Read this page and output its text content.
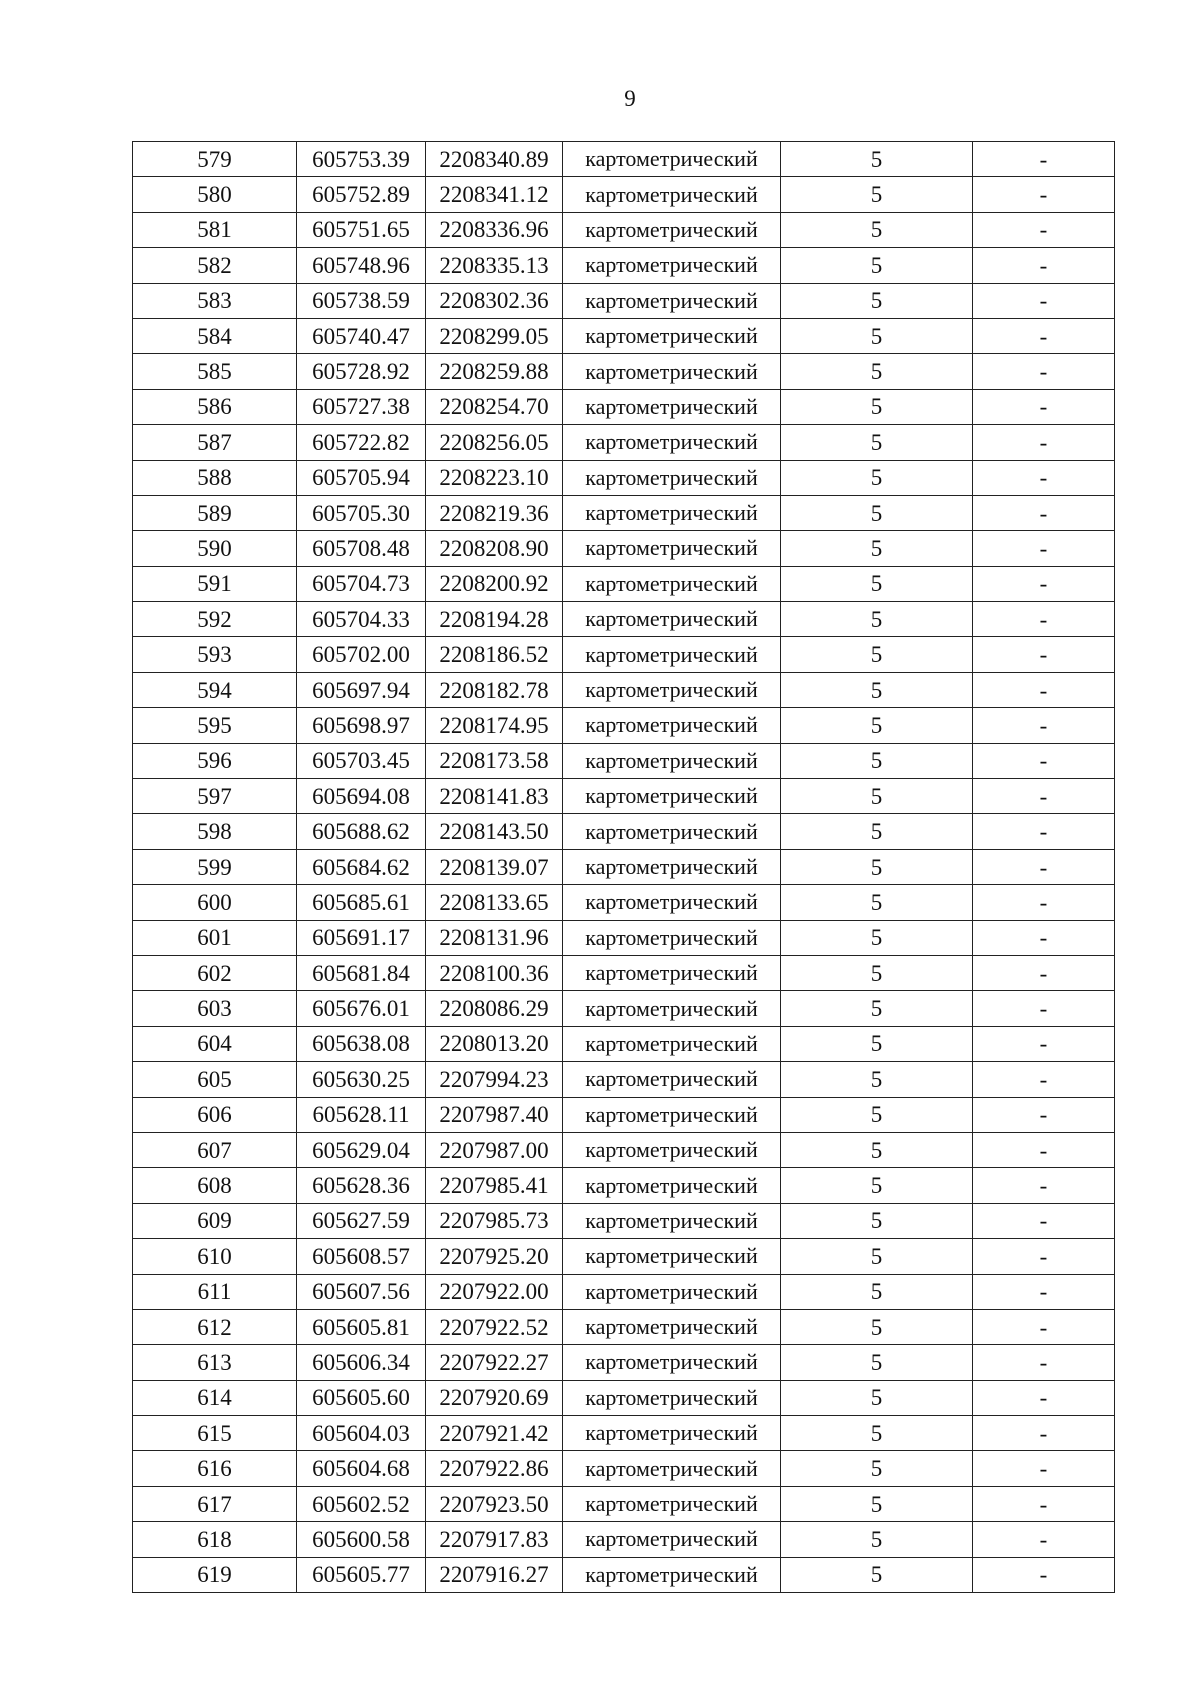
9
579	605753.39	2208340.89	картометрический	5	-
580	605752.89	2208341.12	картометрический	5	-
581	605751.65	2208336.96	картометрический	5	-
582	605748.96	2208335.13	картометрический	5	-
583	605738.59	2208302.36	картометрический	5	-
584	605740.47	2208299.05	картометрический	5	-
585	605728.92	2208259.88	картометрический	5	-
586	605727.38	2208254.70	картометрический	5	-
587	605722.82	2208256.05	картометрический	5	-
588	605705.94	2208223.10	картометрический	5	-
589	605705.30	2208219.36	картометрический	5	-
590	605708.48	2208208.90	картометрический	5	-
591	605704.73	2208200.92	картометрический	5	-
592	605704.33	2208194.28	картометрический	5	-
593	605702.00	2208186.52	картометрический	5	-
594	605697.94	2208182.78	картометрический	5	-
595	605698.97	2208174.95	картометрический	5	-
596	605703.45	2208173.58	картометрический	5	-
597	605694.08	2208141.83	картометрический	5	-
598	605688.62	2208143.50	картометрический	5	-
599	605684.62	2208139.07	картометрический	5	-
600	605685.61	2208133.65	картометрический	5	-
601	605691.17	2208131.96	картометрический	5	-
602	605681.84	2208100.36	картометрический	5	-
603	605676.01	2208086.29	картометрический	5	-
604	605638.08	2208013.20	картометрический	5	-
605	605630.25	2207994.23	картометрический	5	-
606	605628.11	2207987.40	картометрический	5	-
607	605629.04	2207987.00	картометрический	5	-
608	605628.36	2207985.41	картометрический	5	-
609	605627.59	2207985.73	картометрический	5	-
610	605608.57	2207925.20	картометрический	5	-
611	605607.56	2207922.00	картометрический	5	-
612	605605.81	2207922.52	картометрический	5	-
613	605606.34	2207922.27	картометрический	5	-
614	605605.60	2207920.69	картометрический	5	-
615	605604.03	2207921.42	картометрический	5	-
616	605604.68	2207922.86	картометрический	5	-
617	605602.52	2207923.50	картометрический	5	-
618	605600.58	2207917.83	картометрический	5	-
619	605605.77	2207916.27	картометрический	5	-
